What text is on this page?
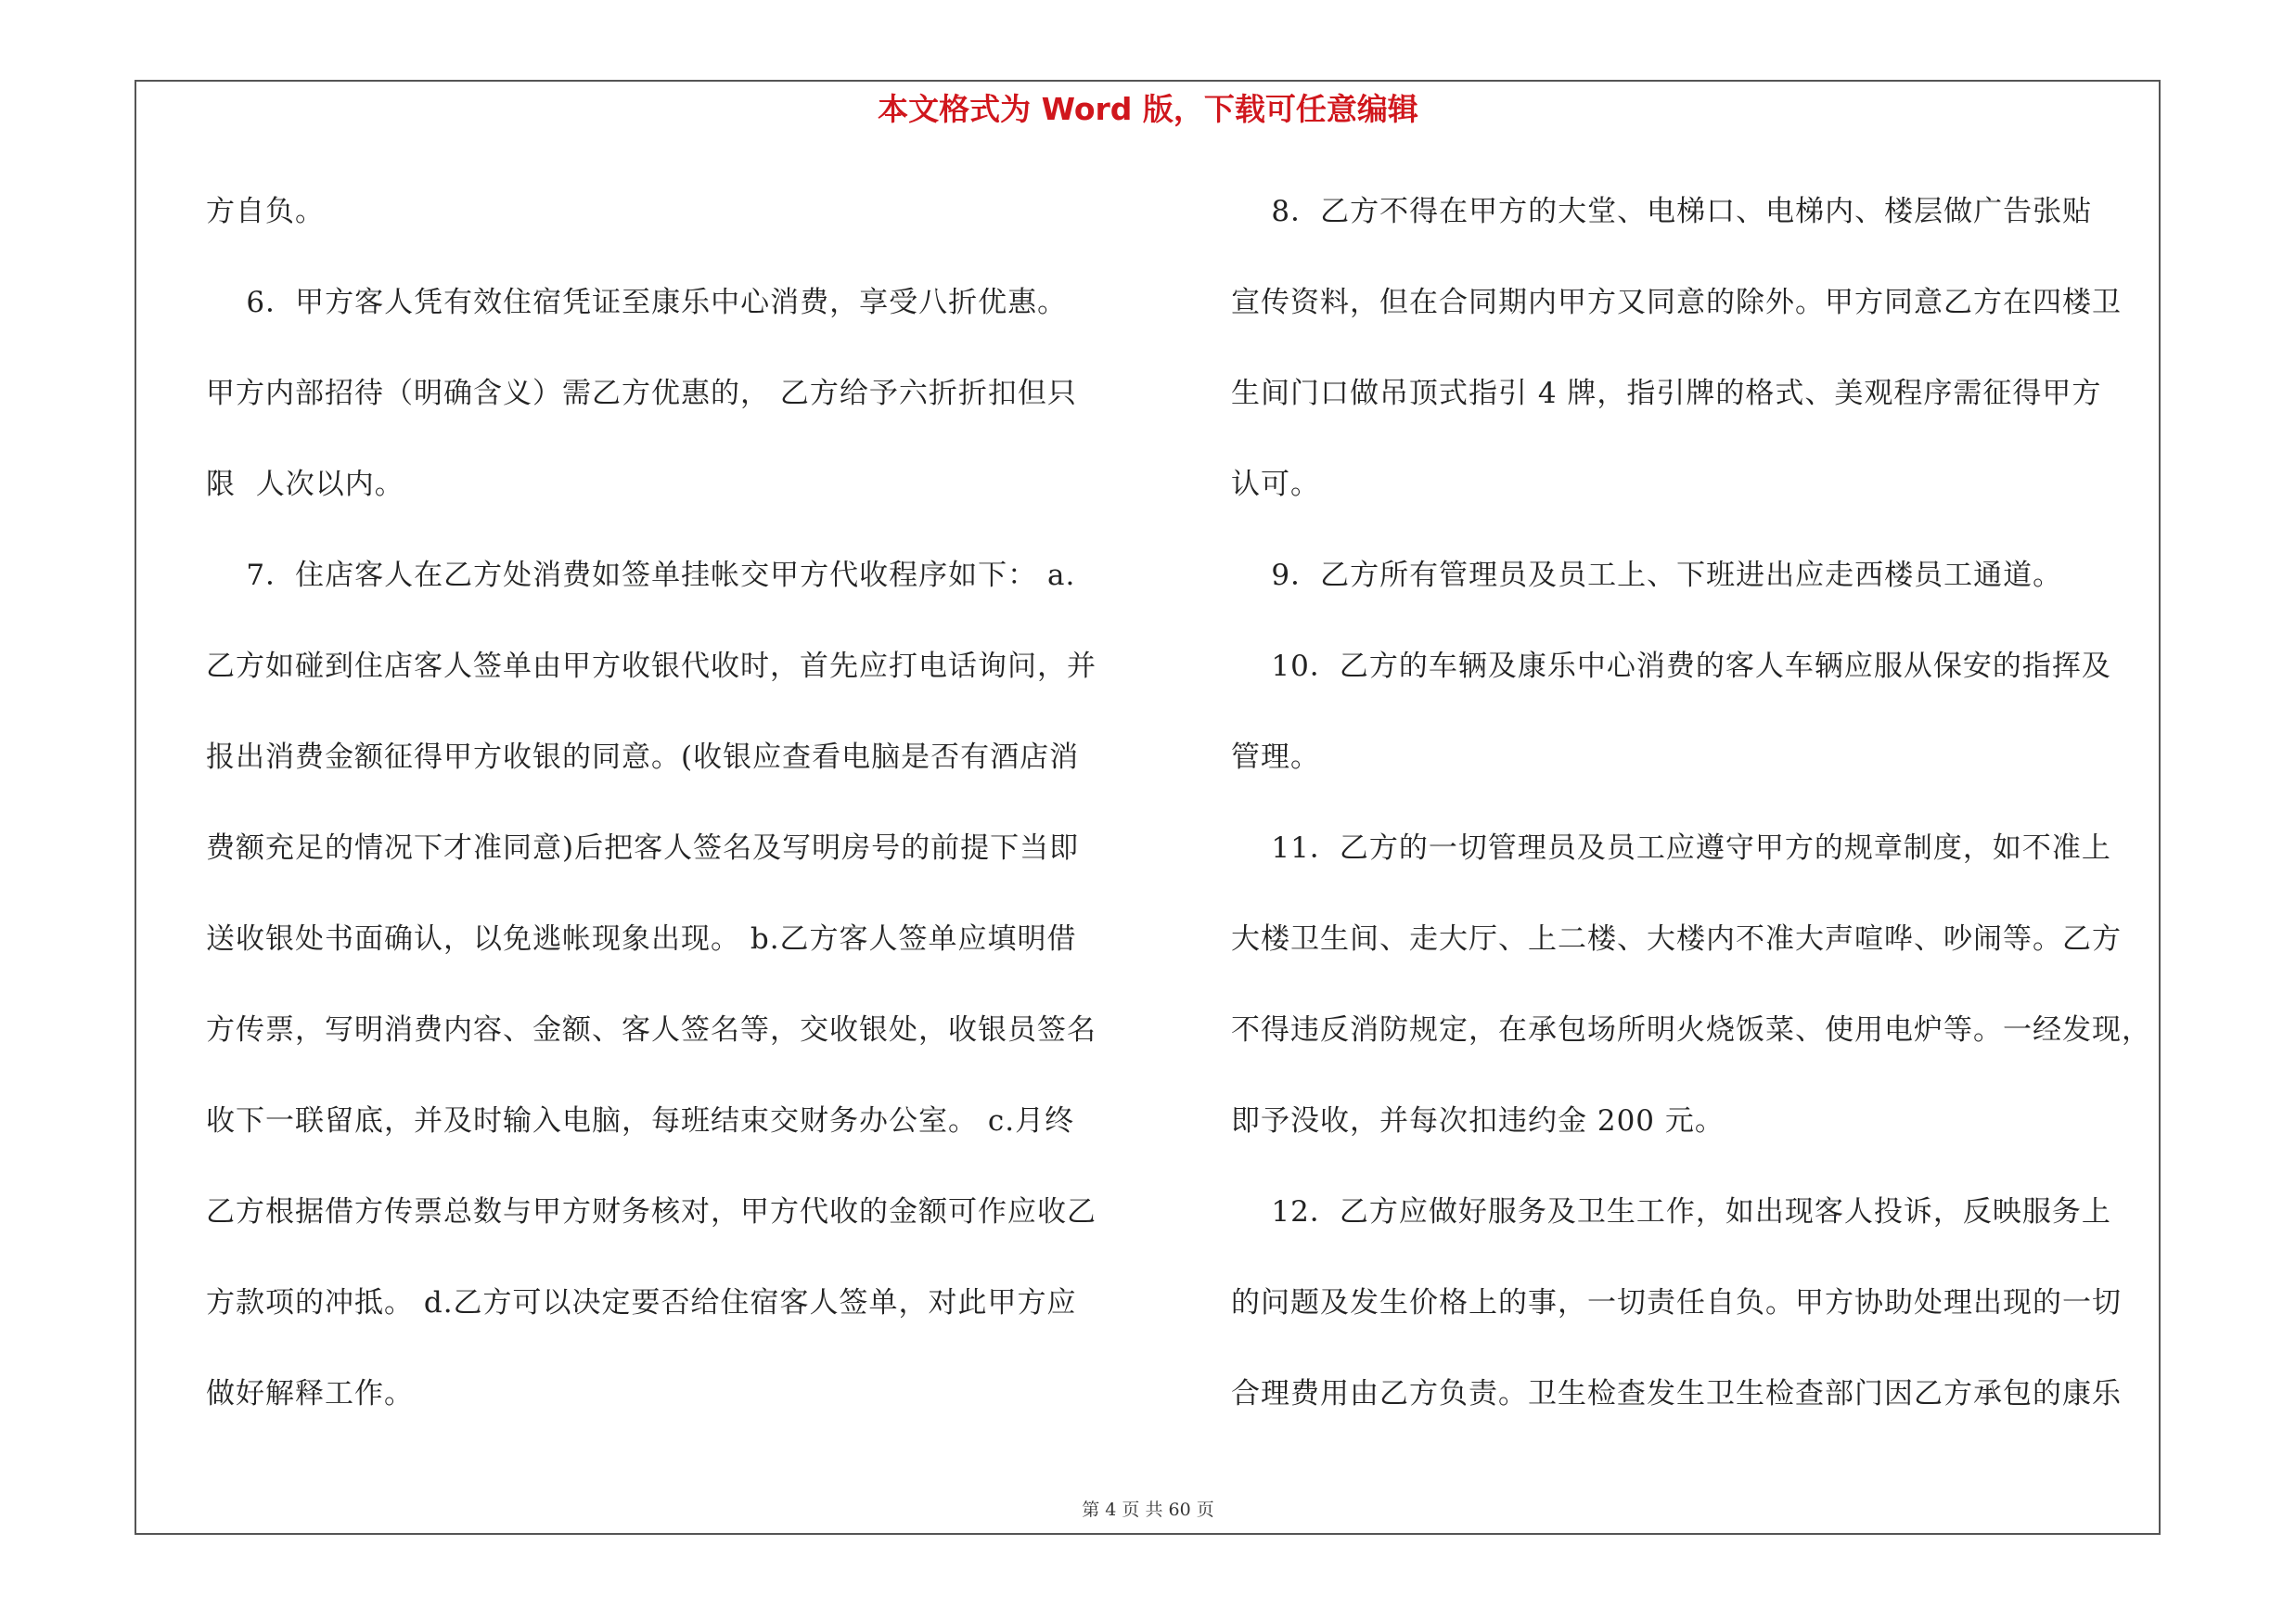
本文格式为 Word 版，下载可任意编辑
方自负。
6．甲方客人凭有效住宿凭证至康乐中心消费，享受八折优惠。
甲方内部招待（明确含义）需乙方优惠的， 乙方给予六折折扣但只
限  人次以内。
7．住店客人在乙方处消费如签单挂帐交甲方代收程序如下： a.
乙方如碰到住店客人签单由甲方收银代收时，首先应打电话询问，并
报出消费金额征得甲方收银的同意。(收银应查看电脑是否有酒店消
费额充足的情况下才准同意)后把客人签名及写明房号的前提下当即
送收银处书面确认，以免逃帐现象出现。 b.乙方客人签单应填明借
方传票，写明消费内容、金额、客人签名等，交收银处，收银员签名
收下一联留底，并及时输入电脑，每班结束交财务办公室。 c.月终
乙方根据借方传票总数与甲方财务核对，甲方代收的金额可作应收乙
方款项的冲抵。 d.乙方可以决定要否给住宿客人签单，对此甲方应
做好解释工作。
8．乙方不得在甲方的大堂、电梯口、电梯内、楼层做广告张贴
宣传资料，但在合同期内甲方又同意的除外。甲方同意乙方在四楼卫
生间门口做吊顶式指引 4 牌，指引牌的格式、美观程序需征得甲方
认可。
9．乙方所有管理员及员工上、下班进出应走西楼员工通道。
10．乙方的车辆及康乐中心消费的客人车辆应服从保安的指挥及
管理。
11．乙方的一切管理员及员工应遵守甲方的规章制度，如不准上
大楼卫生间、走大厅、上二楼、大楼内不准大声喧哗、吵闹等。乙方
不得违反消防规定，在承包场所明火烧饭菜、使用电炉等。一经发现，
即予没收，并每次扣违约金 200 元。
12．乙方应做好服务及卫生工作，如出现客人投诉，反映服务上
的问题及发生价格上的事，一切责任自负。甲方协助处理出现的一切
合理费用由乙方负责。卫生检查发生卫生检查部门因乙方承包的康乐
第 4 页 共 60 页
